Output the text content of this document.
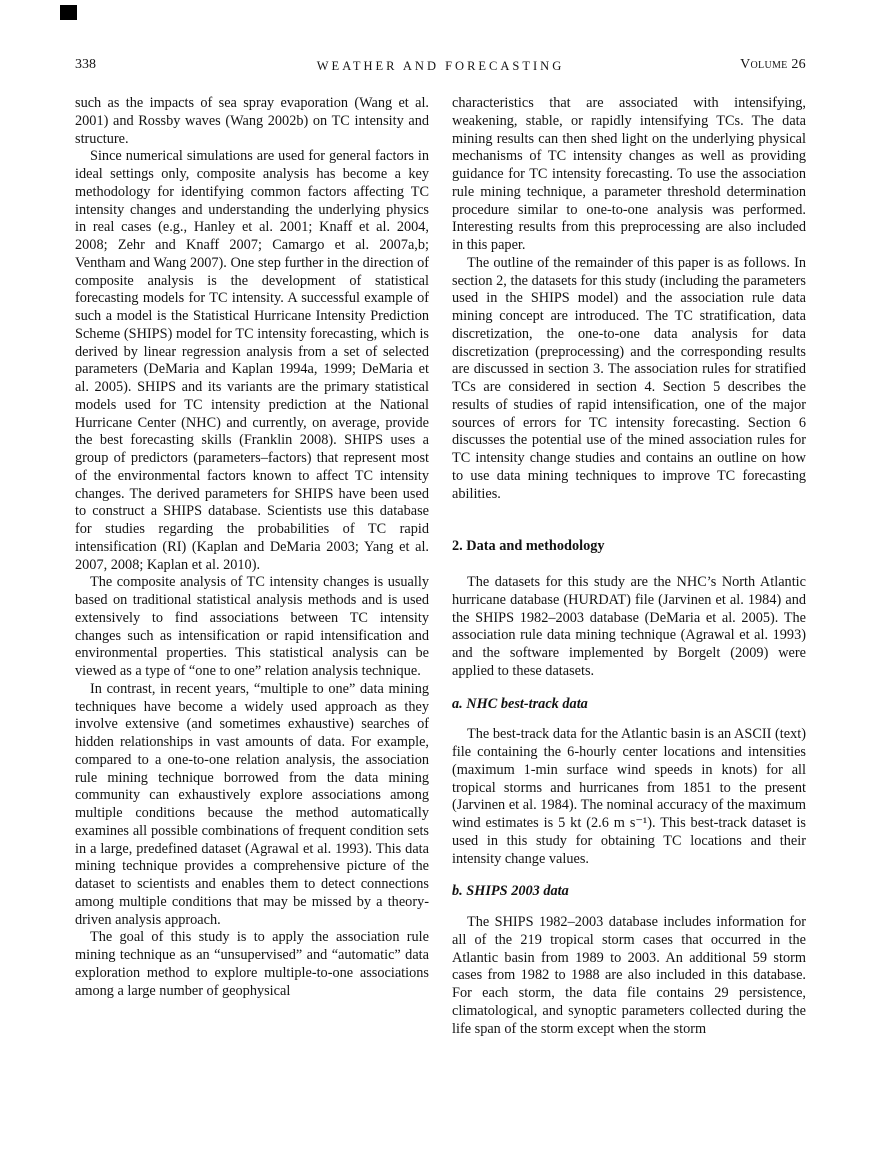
338	WEATHER AND FORECASTING	Volume 26

such as the impacts of sea spray evaporation (Wang et al. 2001) and Rossby waves (Wang 2002b) on TC intensity and structure.

Since numerical simulations are used for general factors in ideal settings only, composite analysis has become a key methodology for identifying common factors affecting TC intensity changes and understanding the underlying physics in real cases (e.g., Hanley et al. 2001; Knaff et al. 2004, 2008; Zehr and Knaff 2007; Camargo et al. 2007a,b; Ventham and Wang 2007). One step further in the direction of composite analysis is the development of statistical forecasting models for TC intensity. A successful example of such a model is the Statistical Hurricane Intensity Prediction Scheme (SHIPS) model for TC intensity forecasting, which is derived by linear regression analysis from a set of selected parameters (DeMaria and Kaplan 1994a, 1999; DeMaria et al. 2005). SHIPS and its variants are the primary statistical models used for TC intensity prediction at the National Hurricane Center (NHC) and currently, on average, provide the best forecasting skills (Franklin 2008). SHIPS uses a group of predictors (parameters–factors) that represent most of the environmental factors known to affect TC intensity changes. The derived parameters for SHIPS have been used to construct a SHIPS database. Scientists use this database for studies regarding the probabilities of TC rapid intensification (RI) (Kaplan and DeMaria 2003; Yang et al. 2007, 2008; Kaplan et al. 2010).

The composite analysis of TC intensity changes is usually based on traditional statistical analysis methods and is used extensively to find associations between TC intensity changes such as intensification or rapid intensification and environmental properties. This statistical analysis can be viewed as a type of “one to one” relation analysis technique.

In contrast, in recent years, “multiple to one” data mining techniques have become a widely used approach as they involve extensive (and sometimes exhaustive) searches of hidden relationships in vast amounts of data. For example, compared to a one-to-one relation analysis, the association rule mining technique borrowed from the data mining community can exhaustively explore associations among multiple conditions because the method automatically examines all possible combinations of frequent condition sets in a large, predefined dataset (Agrawal et al. 1993). This data mining technique provides a comprehensive picture of the dataset to scientists and enables them to detect connections among multiple conditions that may be missed by a theory-driven analysis approach.

The goal of this study is to apply the association rule mining technique as an “unsupervised” and “automatic” data exploration method to explore multiple-to-one associations among a large number of geophysical

characteristics that are associated with intensifying, weakening, stable, or rapidly intensifying TCs. The data mining results can then shed light on the underlying physical mechanisms of TC intensity changes as well as providing guidance for TC intensity forecasting. To use the association rule mining technique, a parameter threshold determination procedure similar to one-to-one analysis was performed. Interesting results from this preprocessing are also included in this paper.

The outline of the remainder of this paper is as follows. In section 2, the datasets for this study (including the parameters used in the SHIPS model) and the association rule data mining concept are introduced. The TC stratification, data discretization, the one-to-one data analysis for data discretization (preprocessing) and the corresponding results are discussed in section 3. The association rules for stratified TCs are considered in section 4. Section 5 describes the results of studies of rapid intensification, one of the major sources of errors for TC intensity forecasting. Section 6 discusses the potential use of the mined association rules for TC intensity change studies and contains an outline on how to use data mining techniques to improve TC forecasting abilities.

2. Data and methodology

The datasets for this study are the NHC’s North Atlantic hurricane database (HURDAT) file (Jarvinen et al. 1984) and the SHIPS 1982–2003 database (DeMaria et al. 2005). The association rule data mining technique (Agrawal et al. 1993) and the software implemented by Borgelt (2009) were applied to these datasets.

a. NHC best-track data

The best-track data for the Atlantic basin is an ASCII (text) file containing the 6-hourly center locations and intensities (maximum 1-min surface wind speeds in knots) for all tropical storms and hurricanes from 1851 to the present (Jarvinen et al. 1984). The nominal accuracy of the maximum wind estimates is 5 kt (2.6 m s⁻¹). This best-track dataset is used in this study for obtaining TC locations and their intensity change values.

b. SHIPS 2003 data

The SHIPS 1982–2003 database includes information for all of the 219 tropical storm cases that occurred in the Atlantic basin from 1989 to 2003. An additional 59 storm cases from 1982 to 1988 are also included in this database. For each storm, the data file contains 29 persistence, climatological, and synoptic parameters collected during the life span of the storm except when the storm
